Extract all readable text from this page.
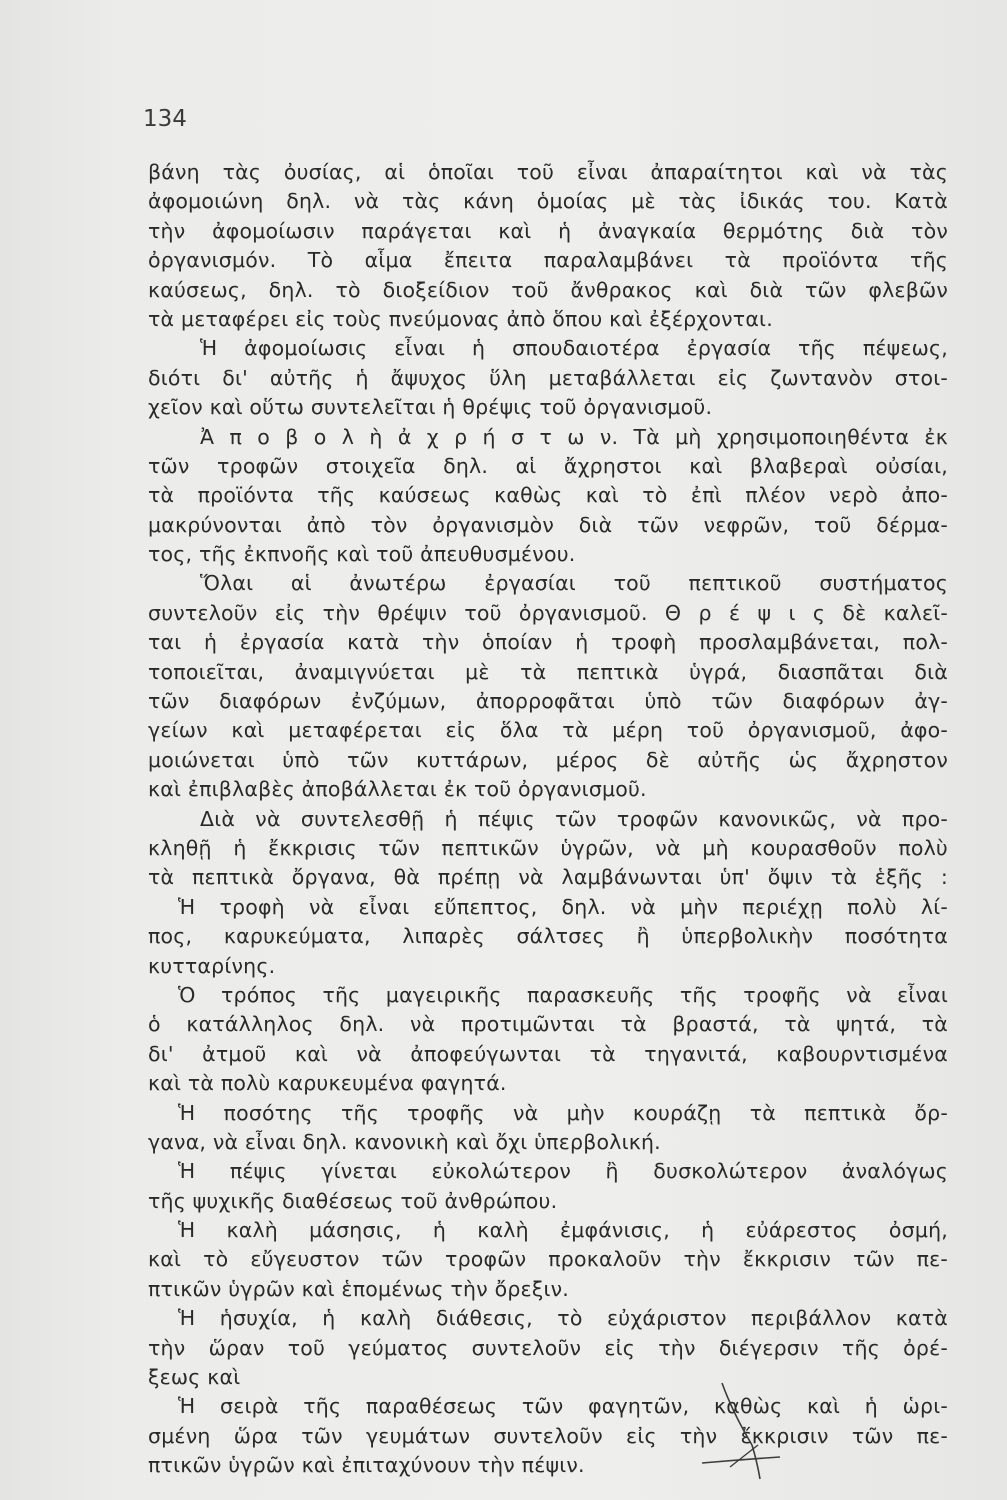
134
βάνη τὰς ὀυσίας, αἱ ὁποῖαι τοῦ εἶναι ἀπαραίτητοι καὶ νὰ τὰς
ἀφομοιώνη δηλ. νὰ τὰς κάνη ὁμοίας μὲ τὰς ἰδικάς του. Κατὰ
τὴν ἀφομοίωσιν παράγεται καὶ ἡ ἀναγκαία θερμότης διὰ τὸν
ὀργανισμόν. Τὸ αἷμα ἔπειτα παραλαμβάνει τὰ προϊόντα τῆς
καύσεως, δηλ. τὸ διοξείδιον τοῦ ἄνθρακος καὶ διὰ τῶν φλεβῶν
τὰ μεταφέρει εἰς τοὺς πνεύμονας ἀπὸ ὅπου καὶ ἐξέρχονται.
Ἡ ἀφομοίωσις εἶναι ἡ σπουδαιοτέρα ἐργασία τῆς πέψεως,
διότι δι' αὐτῆς ἡ ἄψυχος ὕλη μεταβάλλεται εἰς ζωντανὸν στοι-
χεῖον καὶ οὕτω συντελεῖται ἡ θρέψις τοῦ ὀργανισμοῦ.
Ἀ π ο β ο λ ὴ ἀ χ ρ ή σ τ ω ν. Τὰ μὴ χρησιμοποιηθέντα ἐκ
τῶν τροφῶν στοιχεῖα δηλ. αἱ ἄχρηστοι καὶ βλαβεραὶ οὐσίαι,
τὰ προϊόντα τῆς καύσεως καθὼς καὶ τὸ ἐπὶ πλέον νερὸ ἀπο-
μακρύνονται ἀπὸ τὸν ὀργανισμὸν διὰ τῶν νεφρῶν, τοῦ δέρμα-
τος, τῆς ἐκπνοῆς καὶ τοῦ ἀπευθυσμένου.
Ὅλαι αἱ ἀνωτέρω ἐργασίαι τοῦ πεπτικοῦ συστήματος
συντελοῦν εἰς τὴν θρέψιν τοῦ ὀργανισμοῦ. Θ ρ έ ψ ι ς δὲ καλεῖ-
ται ἡ ἐργασία κατὰ τὴν ὁποίαν ἡ τροφὴ προσλαμβάνεται, πολ-
τοποιεῖται, ἀναμιγνύεται μὲ τὰ πεπτικὰ ὑγρά, διασπᾶται διὰ
τῶν διαφόρων ἐνζύμων, ἀπορροφᾶται ὑπὸ τῶν διαφόρων ἀγ-
γείων καὶ μεταφέρεται εἰς ὅλα τὰ μέρη τοῦ ὀργανισμοῦ, ἀφο-
μοιώνεται ὑπὸ τῶν κυττάρων, μέρος δὲ αὐτῆς ὡς ἄχρηστον
καὶ ἐπιβλαβὲς ἀποβάλλεται ἐκ τοῦ ὀργανισμοῦ.
Διὰ νὰ συντελεσθῇ ἡ πέψις τῶν τροφῶν κανονικῶς, νὰ προ-
κληθῇ ἡ ἔκκρισις τῶν πεπτικῶν ὑγρῶν, νὰ μὴ κουρασθοῦν πολὺ
τὰ πεπτικὰ ὄργανα, θὰ πρέπῃ νὰ λαμβάνωνται ὑπ' ὄψιν τὰ ἑξῆς :
Ἡ τροφὴ νὰ εἶναι εὔπεπτος, δηλ. νὰ μὴν περιέχῃ πολὺ λί-
πος, καρυκεύματα, λιπαρὲς σάλτσες ἢ ὑπερβολικὴν ποσότητα
κυτταρίνης.
Ὁ τρόπος τῆς μαγειρικῆς παρασκευῆς τῆς τροφῆς νὰ εἶναι
ὁ κατάλληλος δηλ. νὰ προτιμῶνται τὰ βραστά, τὰ ψητά, τὰ
δι' ἀτμοῦ καὶ νὰ ἀποφεύγωνται τὰ τηγανιτά, καβουρντισμένα
καὶ τὰ πολὺ καρυκευμένα φαγητά.
Ἡ ποσότης τῆς τροφῆς νὰ μὴν κουράζῃ τὰ πεπτικὰ ὄρ-
γανα, νὰ εἶναι δηλ. κανονικὴ καὶ ὄχι ὑπερβολική.
Ἡ πέψις γίνεται εὐκολώτερον ἢ δυσκολώτερον ἀναλόγως
τῆς ψυχικῆς διαθέσεως τοῦ ἀνθρώπου.
Ἡ καλὴ μάσησις, ἡ καλὴ ἐμφάνισις, ἡ εὐάρεστος ὀσμή,
καὶ τὸ εὔγευστον τῶν τροφῶν προκαλοῦν τὴν ἔκκρισιν τῶν πε-
πτικῶν ὑγρῶν καὶ ἑπομένως τὴν ὄρεξιν.
Ἡ ἡσυχία, ἡ καλὴ διάθεσις, τὸ εὐχάριστον περιβάλλον κατὰ
τὴν ὥραν τοῦ γεύματος συντελοῦν εἰς τὴν διέγερσιν τῆς ὀρέ-
ξεως καὶ
Ἡ σειρὰ τῆς παραθέσεως τῶν φαγητῶν, καθὼς καὶ ἡ ὡρι-
σμένη ὥρα τῶν γευμάτων συντελοῦν εἰς τὴν ἔκκρισιν τῶν πε-
πτικῶν ὑγρῶν καὶ ἐπιταχύνουν τὴν πέψιν.
